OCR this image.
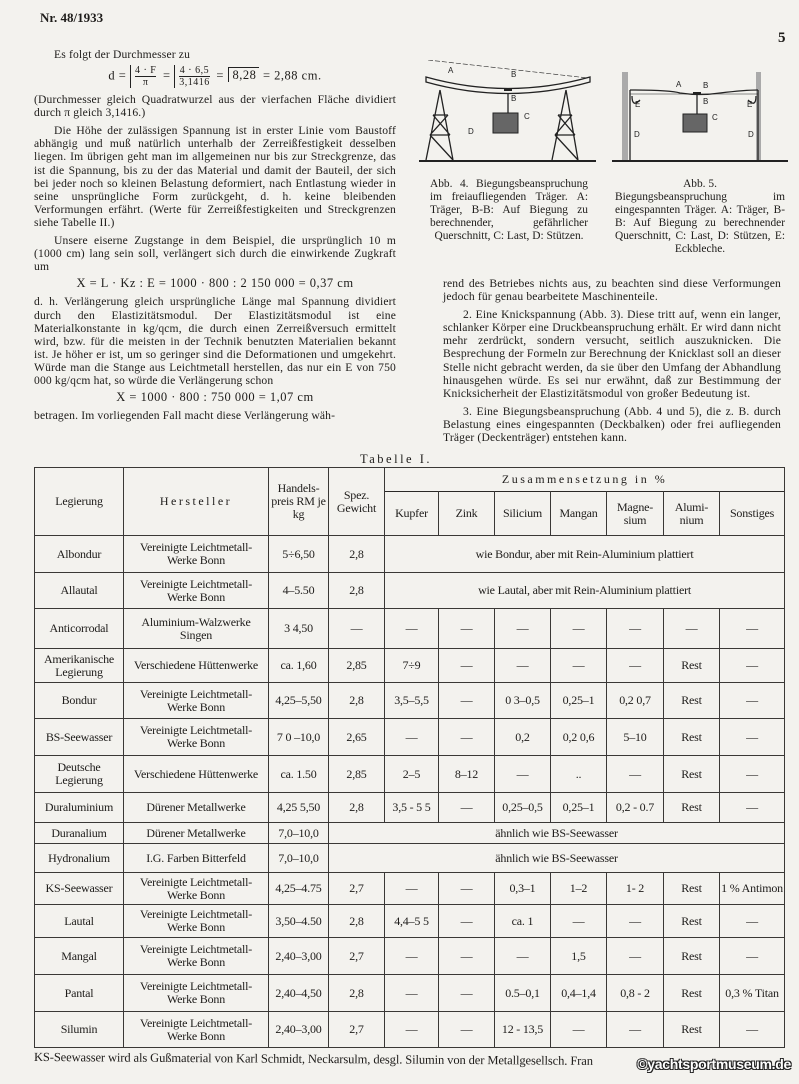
Nr. 48/1933
5

Es folgt der Durchmesser zu

$d = \frac{4 \cdot F}{\pi} = \frac{4 \cdot 6,5}{3,1416} = 8,28 = 2,88$ cm.

(Durchmesser gleich Quadratwurzel aus der vierfachen Fläche dividiert durch π gleich 3,1416.)

Die Höhe der zulässigen Spannung ist in erster Linie vom Baustoff abhängig und muß natürlich unterhalb der Zerreißfestigkeit desselben liegen. Im übrigen geht man im allgemeinen nur bis zur Streckgrenze, das ist die Spannung, bis zu der das Material und damit der Bauteil, der sich bei jeder noch so kleinen Belastung deformiert, nach Entlastung wieder in seine unsprüngliche Form zurückgeht, d. h. keine bleibenden Verformungen erfährt. (Werte für Zerreißfestigkeiten und Streckgrenzen siehe Tabelle II.)

Unsere eiserne Zugstange in dem Beispiel, die ursprünglich 10 m (1000 cm) lang sein soll, verlängert sich durch die einwirkende Zugkraft um

X = L · Kz : E = 1000 · 800 : 2 150 000 = 0,37 cm

d. h. Verlängerung gleich ursprüngliche Länge mal Spannung dividiert durch den Elastizitätsmodul. Der Elastizitätsmodul ist eine Materialkonstante in kg/qcm, die durch einen Zerreißversuch ermittelt wird, bzw. für die meisten in der Technik benutzten Materialien bekannt ist. Je höher er ist, um so geringer sind die Deformationen und umgekehrt. Würde man die Stange aus Leichtmetall herstellen, das nur ein E von 750 000 kg/qcm hat, so würde die Verlängerung schon

X = 1000 · 800 : 750 000 = 1,07 cm

betragen. Im vorliegenden Fall macht diese Verlängerung wäh-

A	B
B
C
D
Abb. 4. Biegungsbeanspruchung im freiaufliegenden Träger. A: Träger, B-B: Auf Biegung zu berechnender, gefährlicher Querschnitt, C: Last, D: Stützen.
A	B
B
C
D	D
E	E
Abb. 5.
Biegungsbeanspruchung im eingespannten Träger. A: Träger, B-B: Auf Biegung zu berechnender Querschnitt, C: Last, D: Stützen, E: Eckbleche.

rend des Betriebes nichts aus, zu beachten sind diese Verformungen jedoch für genau bearbeitete Maschinenteile.

2. Eine Knickspannung (Abb. 3). Diese tritt auf, wenn ein langer, schlanker Körper eine Druckbeanspruchung erhält. Er wird dann nicht mehr zerdrückt, sondern versucht, seitlich auszuknicken. Die Besprechung der Formeln zur Berechnung der Knicklast soll an dieser Stelle nicht gebracht werden, da sie über den Umfang der Abhandlung hinausgehen würde. Es sei nur erwähnt, daß zur Bestimmung der Knicksicherheit der Elastizitätsmodul von großer Bedeutung ist.

3. Eine Biegungsbeanspruchung (Abb. 4 und 5), die z. B. durch Belastung eines eingespannten (Deckbalken) oder frei aufliegenden Träger (Deckenträger) entstehen kann.

Tabelle I.
Legierung	Hersteller	Handels-preis RM je kg	Spez. Gewicht	Zusammensetzung in %						
				Kupfer	Zink	Silicium	Mangan	Magne-sium	Alumi-nium	Sonstiges
Albondur	Vereinigte Leichtmetall-Werke Bonn	5÷6,50	2,8	wie Bondur, aber mit Rein-Aluminium plattiert						
Allautal	Vereinigte Leichtmetall-Werke Bonn	4–5.50	2,8	wie Lautal, aber mit Rein-Aluminium plattiert						
Anticorrodal	Aluminium-Walzwerke Singen	3 4,50	—	—	—	—	—	—	—	—
Amerikanische Legierung	Verschiedene Hüttenwerke	ca. 1,60	2,85	7÷9	—	—	—	—	Rest	—
Bondur	Vereinigte Leichtmetall-Werke Bonn	4,25–5,50	2,8	3,5–5,5	—	0 3–0,5	0,25–1	0,2 0,7	Rest	—
BS-Seewasser	Vereinigte Leichtmetall-Werke Bonn	7 0 –10,0	2,65	—	—	0,2	0,2 0,6	5–10	Rest	—
Deutsche Legierung	Verschiedene Hüttenwerke	ca. 1.50	2,85	2–5	8–12	—	..	—	Rest	—
Duraluminium	Dürener Metallwerke	4,25 5,50	2,8	3,5 - 5 5	—	0,25–0,5	0,25–1	0,2 - 0.7	Rest	—
Duranalium	Dürener Metallwerke	7,0–10,0	ähnlich wie BS-Seewasser							
Hydronalium	I.G. Farben Bitterfeld	7,0–10,0	ähnlich wie BS-Seewasser							
KS-Seewasser	Vereinigte Leichtmetall-Werke Bonn	4,25–4.75	2,7	—	—	0,3–1	1–2	1- 2	Rest	1 % Antimon
Lautal	Vereinigte Leichtmetall-Werke Bonn	3,50–4.50	2,8	4,4–5 5	—	ca. 1	—	—	Rest	—
Mangal	Vereinigte Leichtmetall-Werke Bonn	2,40–3,00	2,7	—	—	—	1,5	—	Rest	—
Pantal	Vereinigte Leichtmetall-Werke Bonn	2,40–4,50	2,8	—	—	0.5–0,1	0,4–1,4	0,8 - 2	Rest	0,3 % Titan
Silumin	Vereinigte Leichtmetall-Werke Bonn	2,40–3,00	2,7	—	—	12 - 13,5	—	—	Rest	—
KS-Seewasser wird als Gußmaterial von Karl Schmidt, Neckarsulm, desgl. Silumin von der Metallgesellsch. Fran	©yachtsportmuseum.de
